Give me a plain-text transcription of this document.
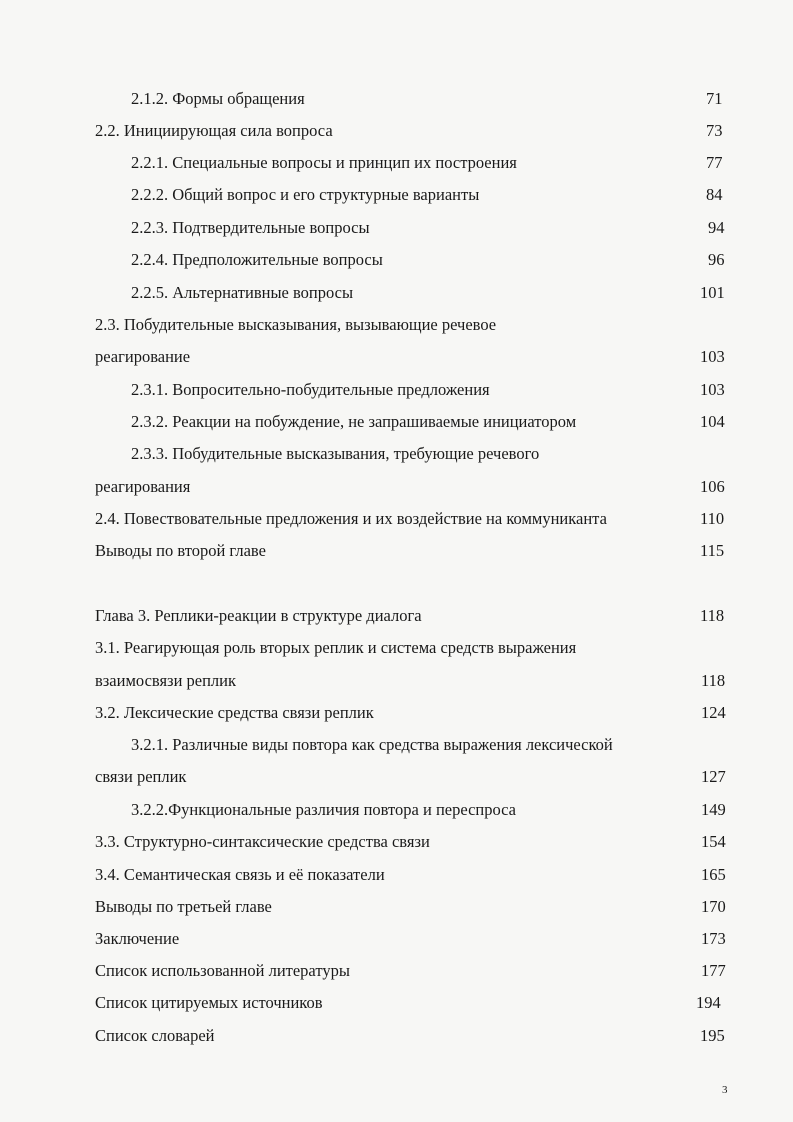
2.1.2. Формы обращения	71
2.2. Инициирующая сила вопроса	73
2.2.1. Специальные вопросы и принцип их построения	77
2.2.2. Общий вопрос и его структурные варианты	84
2.2.3. Подтвердительные вопросы	94
2.2.4. Предположительные вопросы	96
2.2.5. Альтернативные вопросы	101
2.3. Побудительные высказывания, вызывающие речевое
реагирование	103
2.3.1. Вопросительно-побудительные предложения	103
2.3.2. Реакции на побуждение, не запрашиваемые инициатором	104
2.3.3. Побудительные высказывания, требующие речевого
реагирования	106
2.4. Повествовательные предложения и их воздействие на коммуниканта	110
Выводы по второй главе	115
Глава 3. Реплики-реакции в структуре диалога	118
3.1. Реагирующая роль вторых реплик и система средств выражения
взаимосвязи реплик	118
3.2. Лексические средства связи реплик	124
3.2.1. Различные виды повтора как средства выражения лексической
связи реплик	127
3.2.2.Функциональные различия повтора и переспроса	149
3.3. Структурно-синтаксические средства связи	154
3.4. Семантическая связь и её показатели	165
Выводы по третьей главе	170
Заключение	173
Список использованной литературы	177
Список цитируемых источников	194
Список словарей	195
3
